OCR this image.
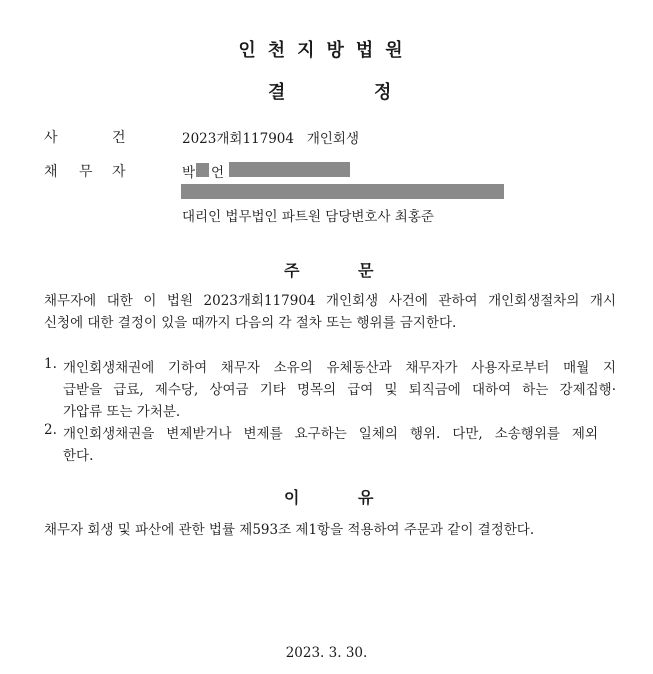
인천지방법원
결	정
사	건	2023개회117904   개인회생
채 무 자	박 언
대리인 법무법인 파트원 담당변호사 최홍준
주	문
채무자에 대한 이 법원 2023개회117904 개인회생 사건에 관하여 개인회생절차의 개시
신청에 대한 결정이 있을 때까지 다음의 각 절차 또는 행위를 금지한다.
1. 개인회생채권에 기하여 채무자 소유의 유체동산과 채무자가 사용자로부터 매월 지
급받을 급료, 제수당, 상여금 기타 명목의 급여 및 퇴직금에 대하여 하는 강제집행·
가압류 또는 가처분.
2. 개인회생채권을 변제받거나 변제를 요구하는 일체의 행위. 다만, 소송행위를 제외
한다.
이	유
채무자 회생 및 파산에 관한 법률 제593조 제1항을 적용하여 주문과 같이 결정한다.
2023. 3. 30.
